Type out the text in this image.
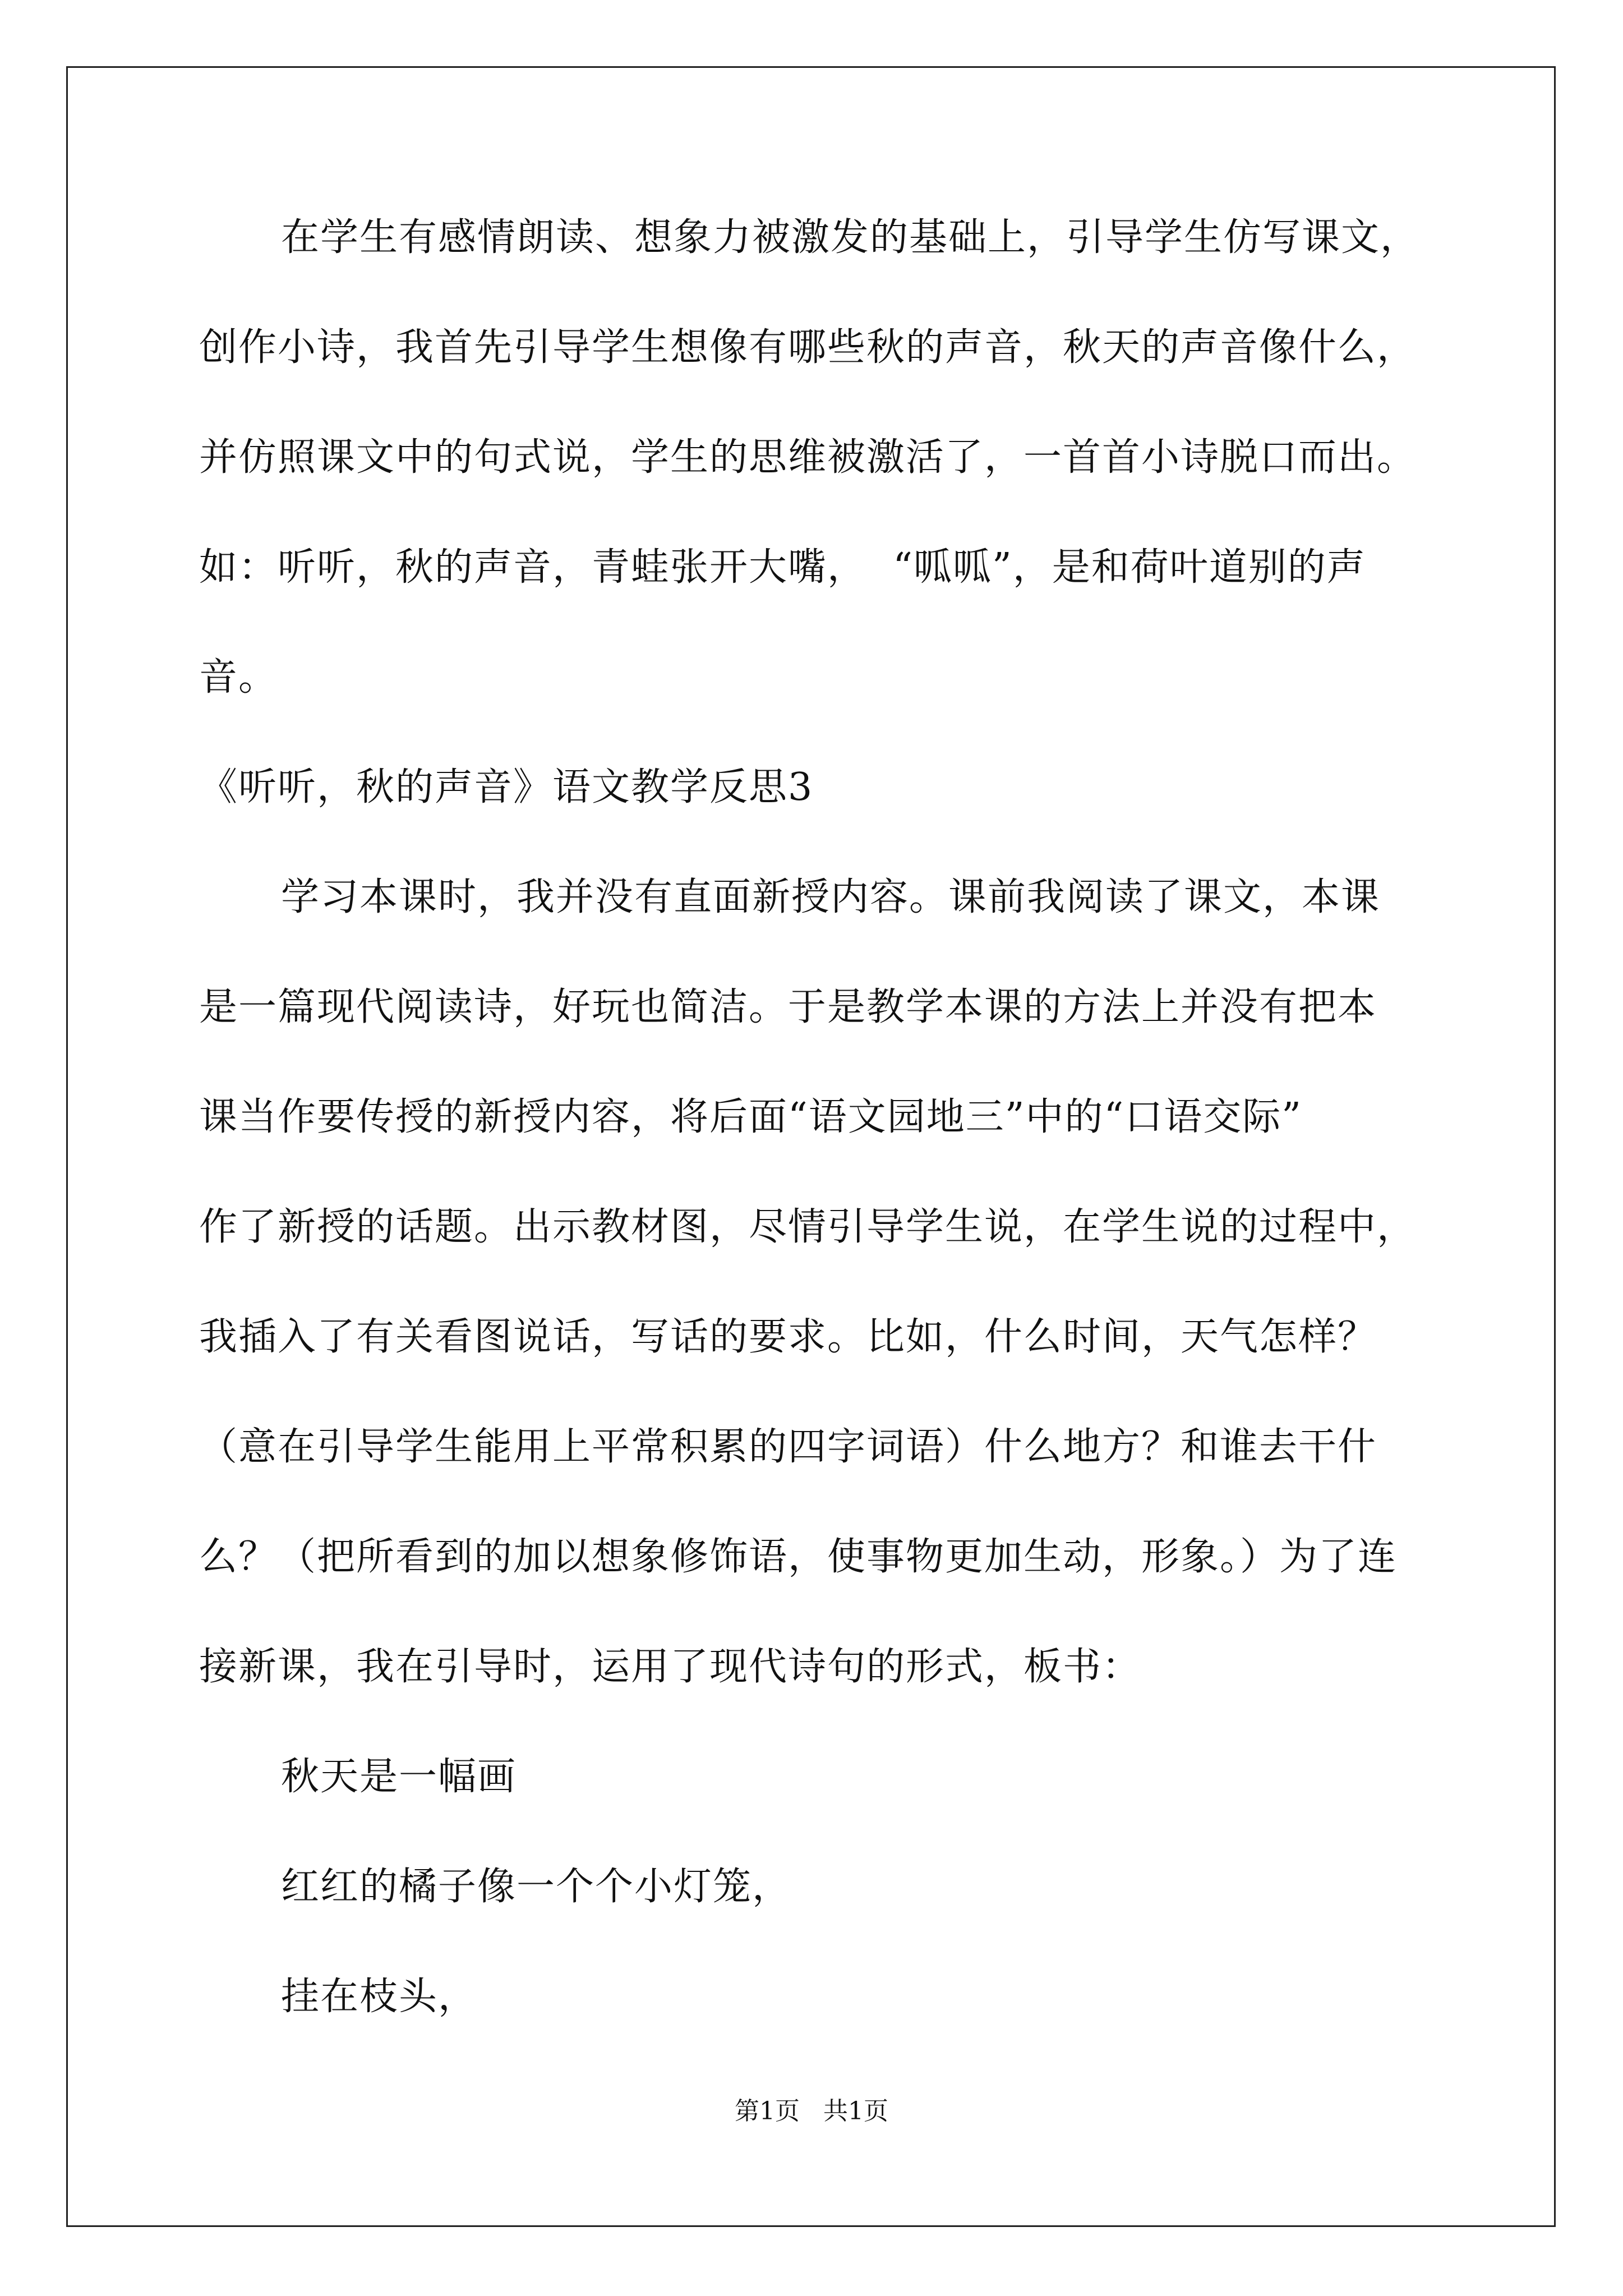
在学生有感情朗读、想象力被激发的基础上，引导学生仿写课文，
创作小诗，我首先引导学生想像有哪些秋的声音，秋天的声音像什么，
并仿照课文中的句式说，学生的思维被激活了，一首首小诗脱口而出。
如：听听，秋的声音，青蛙张开大嘴，  “呱呱”，是和荷叶道别的声
音。
《听听，秋的声音》语文教学反思3
学习本课时，我并没有直面新授内容。课前我阅读了课文，本课
是一篇现代阅读诗，好玩也简洁。于是教学本课的方法上并没有把本
课当作要传授的新授内容，将后面“语文园地三”中的“口语交际”
作了新授的话题。出示教材图，尽情引导学生说，在学生说的过程中，
我插入了有关看图说话，写话的要求。比如，什么时间，天气怎样？
（意在引导学生能用上平常积累的四字词语）什么地方？和谁去干什
么？（把所看到的加以想象修饰语，使事物更加生动，形象。）为了连
接新课，我在引导时，运用了现代诗句的形式，板书：
秋天是一幅画
红红的橘子像一个个小灯笼，
挂在枝头，
第1页 共1页
